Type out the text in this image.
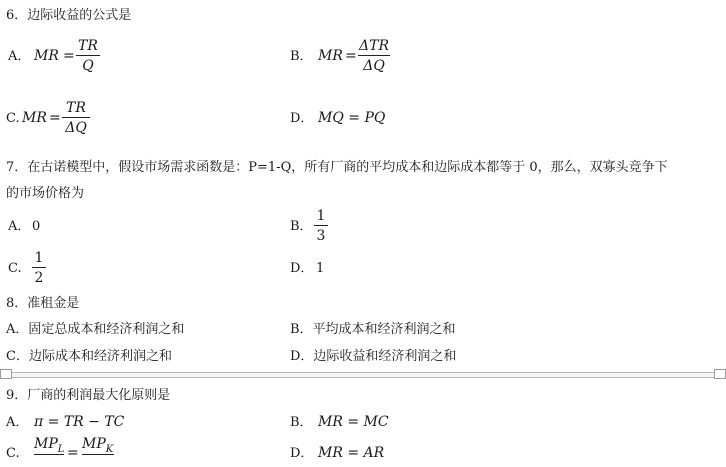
6．边际收益的公式是
A． MR =
TR
Q
B． MR =
ΔTR
ΔQ
C. MR =
TR
ΔQ
D． MQ = PQ
7．在古诺模型中，假设市场需求函数是：P=1-Q，所有厂商的平均成本和边际成本都等于 0，那么，双寡头竞争下
的市场价格为
A． 0	B．
1
3
C.
1
2
D． 1
8．准租金是
A．固定总成本和经济利润之和	B．平均成本和经济利润之和
C．边际成本和经济利润之和	D．边际收益和经济利润之和
9．厂商的利润最大化原则是
A． π = TR − TC	B． MR = MC
C.
$MP_L$ =
$MP_K$	D． MR = AR
